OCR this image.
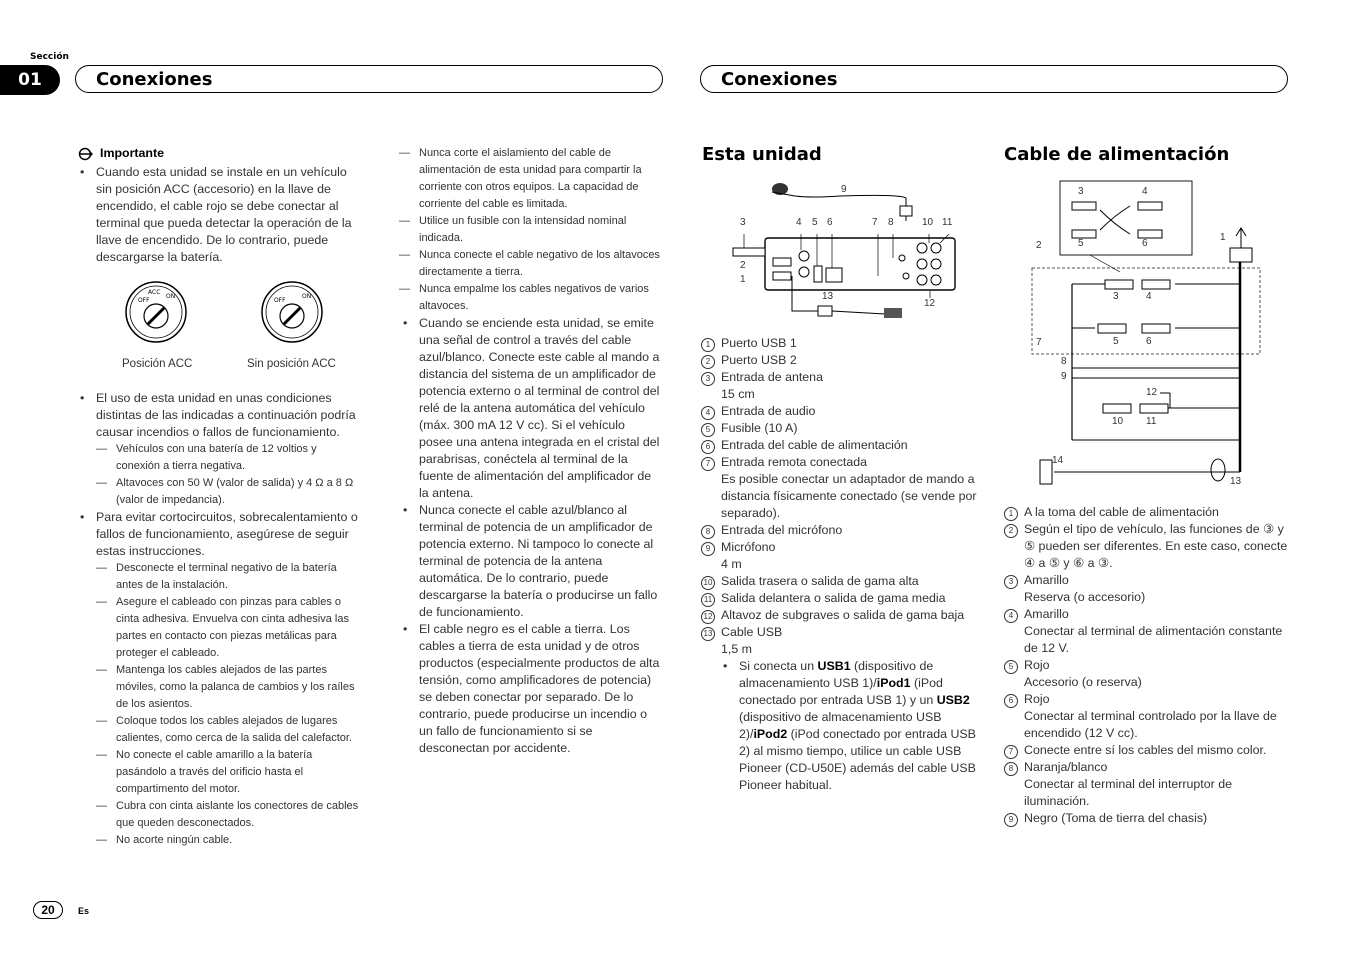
Sección
01	Conexiones	Conexiones
Importante

• Cuando esta unidad se instale en un vehículo sin posición ACC (accesorio) en la llave de encendido, el cable rojo se debe conectar al terminal que pueda detectar la operación de la llave de encendido. De lo contrario, puede descargarse la batería.

OFF
ACC
ON
OFF
ON
Posición ACC	Sin posición ACC

• El uso de esta unidad en unas condiciones distintas de las indicadas a continuación podría causar incendios o fallos de funcionamiento.

— Vehículos con una batería de 12 voltios y conexión a tierra negativa.
— Altavoces con 50 W (valor de salida) y 4 Ω a 8 Ω (valor de impedancia).

• Para evitar cortocircuitos, sobrecalentamiento o fallos de funcionamiento, asegúrese de seguir estas instrucciones.

— Desconecte el terminal negativo de la batería antes de la instalación.
— Asegure el cableado con pinzas para cables o cinta adhesiva. Envuelva con cinta adhesiva las partes en contacto con piezas metálicas para proteger el cableado.
— Mantenga los cables alejados de las partes móviles, como la palanca de cambios y los raíles de los asientos.
— Coloque todos los cables alejados de lugares calientes, como cerca de la salida del calefactor.
— No conecte el cable amarillo a la batería pasándolo a través del orificio hasta el compartimento del motor.
— Cubra con cinta aislante los conectores de cables que queden desconectados.
— No acorte ningún cable.
— Nunca corte el aislamiento del cable de alimentación de esta unidad para compartir la corriente con otros equipos. La capacidad de corriente del cable es limitada.
— Utilice un fusible con la intensidad nominal indicada.
— Nunca conecte el cable negativo de los altavoces directamente a tierra.
— Nunca empalme los cables negativos de varios altavoces.

• Cuando se enciende esta unidad, se emite una señal de control a través del cable azul/blanco. Conecte este cable al mando a distancia del sistema de un amplificador de potencia externo o al terminal de control del relé de la antena automática del vehículo (máx. 300 mA 12 V cc). Si el vehículo posee una antena integrada en el cristal del parabrisas, conéctela al terminal de la fuente de alimentación del amplificador de la antena.

• Nunca conecte el cable azul/blanco al terminal de potencia de un amplificador de potencia externo. Ni tampoco lo conecte al terminal de potencia de la antena automática. De lo contrario, puede descargarse la batería o producirse un fallo de funcionamiento.

• El cable negro es el cable a tierra. Los cables a tierra de esta unidad y de otros productos (especialmente productos de alta tensión, como amplificadores de potencia) se deben conectar por separado. De lo contrario, puede producirse un incendio o un fallo de funcionamiento si se desconectan por accidente.

Esta unidad
9
3	4 5 6	7 8	10 11
2
1
13
12
1 Puerto USB 1
2 Puerto USB 2
3 Entrada de antena
15 cm
4 Entrada de audio
5 Fusible (10 A)
6 Entrada del cable de alimentación
7 Entrada remota conectada
Es posible conectar un adaptador de mando a distancia físicamente conectado (se vende por separado).
8 Entrada del micrófono
9 Micrófono
4 m
10 Salida trasera o salida de gama alta
11 Salida delantera o salida de gama media
12 Altavoz de subgraves o salida de gama baja
13 Cable USB
1,5 m
• Si conecta un USB1 (dispositivo de almacenamiento USB 1)/iPod1 (iPod conectado por entrada USB 1) y un USB2 (dispositivo de almacenamiento USB 2)/iPod2 (iPod conectado por entrada USB 2) al mismo tiempo, utilice un cable USB Pioneer (CD-U50E) además del cable USB Pioneer habitual.
Cable de alimentación
3	4
2	5	6
1
3	4
7	5	6
8
9
12
10 11
14
13
1 A la toma del cable de alimentación
2 Según el tipo de vehículo, las funciones de ③ y ⑤ pueden ser diferentes. En este caso, conecte ④ a ⑤ y ⑥ a ③.
3 Amarillo
Reserva (o accesorio)
4 Amarillo
Conectar al terminal de alimentación constante de 12 V.
5 Rojo
Accesorio (o reserva)
6 Rojo
Conectar al terminal controlado por la llave de encendido (12 V cc).
7 Conecte entre sí los cables del mismo color.
8 Naranja/blanco
Conectar al terminal del interruptor de iluminación.
9 Negro (Toma de tierra del chasis)
20	Es
